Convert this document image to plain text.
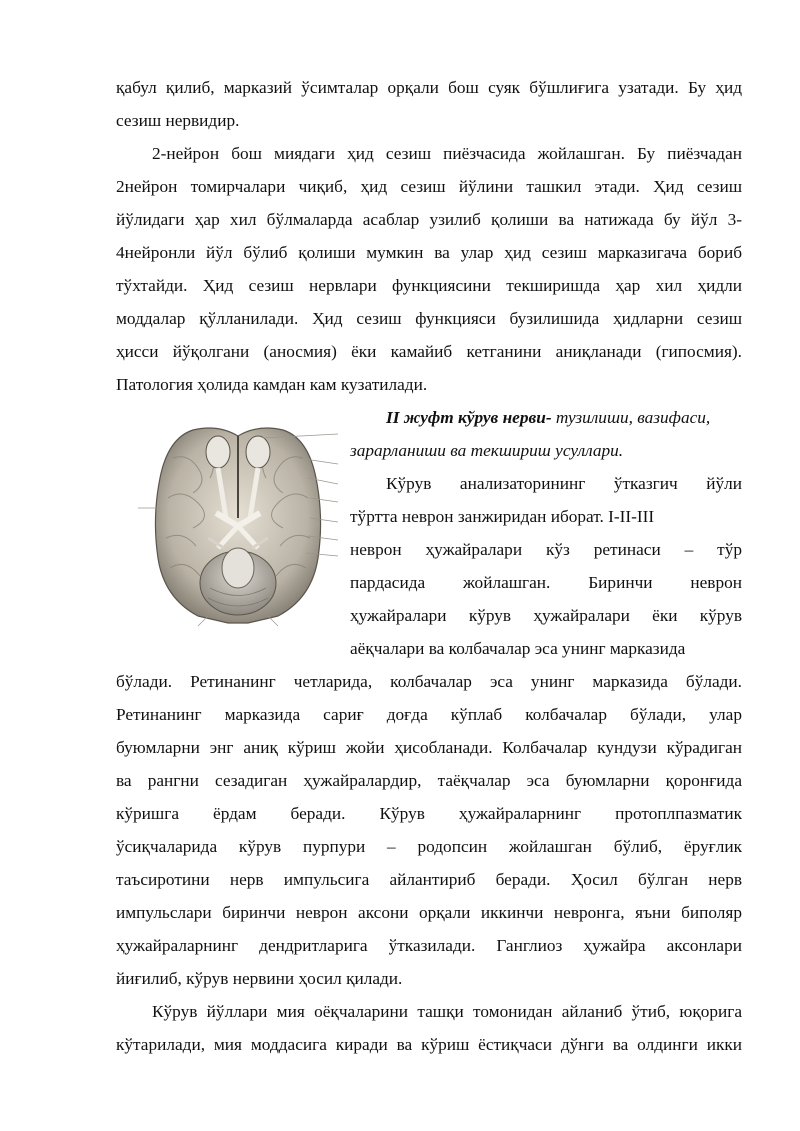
қабул қилиб, марказий ўсимталар орқали бош суяк бўшлиғига узатади. Бу ҳид
сезиш нервидир.
2-нейрон бош миядаги ҳид сезиш пиёзчасида жойлашган. Бу пиёзчадан
2нейрон томирчалари чиқиб, ҳид сезиш йўлини ташкил этади. Ҳид сезиш
йўлидаги ҳар хил бўлмаларда асаблар узилиб қолиши ва натижада бу йўл 3-
4нейронли йўл бўлиб қолиши мумкин ва улар ҳид сезиш марказигача бориб
тўхтайди. Ҳид сезиш нервлари функциясини текширишда ҳар хил ҳидли
моддалар қўлланилади. Ҳид сезиш функцияси бузилишида ҳидларни сезиш
ҳисси йўқолгани (аносмия) ёки камайиб кетганини аниқланади (гипосмия).
Патология ҳолида камдан кам кузатилади.
II жуфт кўрув нерви- тузилиши, вазифаси,
зарарланиши ва текшириш усуллари.
Кўрув анализаторининг ўтказгич йўли
тўртта неврон занжиридан иборат. I-II-III
неврон ҳужайралари кўз ретинаси – тўр
пардасида жойлашган. Биринчи неврон
ҳужайралари кўрув ҳужайралари ёки кўрув
аёқчалари ва колбачалар эса унинг марказида
бўлади. Ретинанинг четларида, колбачалар эса унинг марказида бўлади.
Ретинанинг марказида сариғ доғда кўплаб колбачалар бўлади, улар
буюмларни энг аниқ кўриш жойи ҳисобланади. Колбачалар кундузи кўрадиган
ва рангни сезадиган ҳужайралардир, таёқчалар эса буюмларни қоронғида
кўришга ёрдам беради. Кўрув ҳужайраларнинг протоплпазматик
ўсиқчаларида кўрув пурпури – родопсин жойлашган бўлиб, ёруғлик
таъсиротини нерв импульсига айлантириб беради. Ҳосил бўлган нерв
импульслари биринчи неврон аксони орқали иккинчи невронга, яъни биполяр
ҳужайраларнинг дендритларига ўтказилади. Ганглиоз ҳужайра аксонлари
йиғилиб, кўрув нервини ҳосил қилади.
Кўрув йўллари мия оёқчаларини ташқи томонидан айланиб ўтиб, юқорига
кўтарилади, мия моддасига киради ва кўриш ёстиқчаси дўнги ва олдинги икки
